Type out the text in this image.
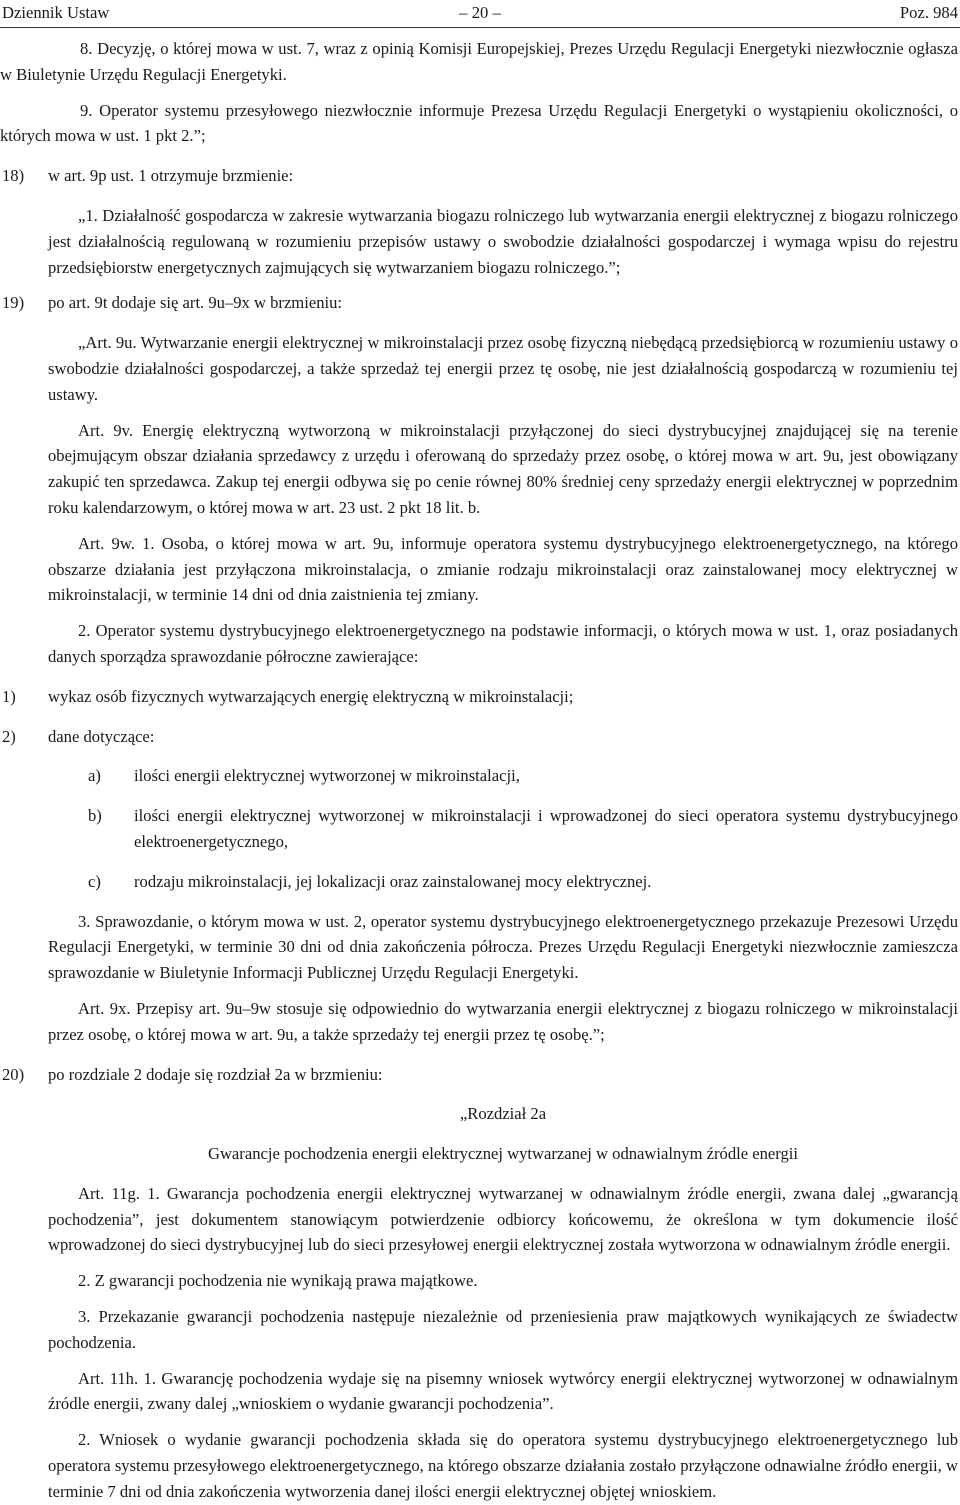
Dziennik Ustaw	– 20 –	Poz. 984

8. Decyzję, o której mowa w ust. 7, wraz z opinią Komisji Europejskiej, Prezes Urzędu Regulacji Energetyki niezwłocznie ogłasza w Biuletynie Urzędu Regulacji Energetyki.

9. Operator systemu przesyłowego niezwłocznie informuje Prezesa Urzędu Regulacji Energetyki o wystąpieniu okoliczności, o których mowa w ust. 1 pkt 2.”;

18) w art. 9p ust. 1 otrzymuje brzmienie:

„1. Działalność gospodarcza w zakresie wytwarzania biogazu rolniczego lub wytwarzania energii elektrycznej z biogazu rolniczego jest działalnością regulowaną w rozumieniu przepisów ustawy o swobodzie działalności gospodarczej i wymaga wpisu do rejestru przedsiębiorstw energetycznych zajmujących się wytwarzaniem biogazu rolniczego.”;

19) po art. 9t dodaje się art. 9u–9x w brzmieniu:

„Art. 9u. Wytwarzanie energii elektrycznej w mikroinstalacji przez osobę fizyczną niebędącą przedsiębiorcą w rozumieniu ustawy o swobodzie działalności gospodarczej, a także sprzedaż tej energii przez tę osobę, nie jest działalnością gospodarczą w rozumieniu tej ustawy.

Art. 9v. Energię elektryczną wytworzoną w mikroinstalacji przyłączonej do sieci dystrybucyjnej znajdującej się na terenie obejmującym obszar działania sprzedawcy z urzędu i oferowaną do sprzedaży przez osobę, o której mowa w art. 9u, jest obowiązany zakupić ten sprzedawca. Zakup tej energii odbywa się po cenie równej 80% średniej ceny sprzedaży energii elektrycznej w poprzednim roku kalendarzowym, o której mowa w art. 23 ust. 2 pkt 18 lit. b.

Art. 9w. 1. Osoba, o której mowa w art. 9u, informuje operatora systemu dystrybucyjnego elektroenergetycznego, na którego obszarze działania jest przyłączona mikroinstalacja, o zmianie rodzaju mikroinstalacji oraz zainstalowanej mocy elektrycznej w mikroinstalacji, w terminie 14 dni od dnia zaistnienia tej zmiany.

2. Operator systemu dystrybucyjnego elektroenergetycznego na podstawie informacji, o których mowa w ust. 1, oraz posiadanych danych sporządza sprawozdanie półroczne zawierające:

1) wykaz osób fizycznych wytwarzających energię elektryczną w mikroinstalacji;
2) dane dotyczące:
a) ilości energii elektrycznej wytworzonej w mikroinstalacji,
b) ilości energii elektrycznej wytworzonej w mikroinstalacji i wprowadzonej do sieci operatora systemu dystrybucyjnego elektroenergetycznego,
c) rodzaju mikroinstalacji, jej lokalizacji oraz zainstalowanej mocy elektrycznej.

3. Sprawozdanie, o którym mowa w ust. 2, operator systemu dystrybucyjnego elektroenergetycznego przekazuje Prezesowi Urzędu Regulacji Energetyki, w terminie 30 dni od dnia zakończenia półrocza. Prezes Urzędu Regulacji Energetyki niezwłocznie zamieszcza sprawozdanie w Biuletynie Informacji Publicznej Urzędu Regulacji Energetyki.

Art. 9x. Przepisy art. 9u–9w stosuje się odpowiednio do wytwarzania energii elektrycznej z biogazu rolniczego w mikroinstalacji przez osobę, o której mowa w art. 9u, a także sprzedaży tej energii przez tę osobę.”;

20) po rozdziale 2 dodaje się rozdział 2a w brzmieniu:

„Rozdział 2a

Gwarancje pochodzenia energii elektrycznej wytwarzanej w odnawialnym źródle energii

Art. 11g. 1. Gwarancja pochodzenia energii elektrycznej wytwarzanej w odnawialnym źródle energii, zwana dalej „gwarancją pochodzenia”, jest dokumentem stanowiącym potwierdzenie odbiorcy końcowemu, że określona w tym dokumencie ilość wprowadzonej do sieci dystrybucyjnej lub do sieci przesyłowej energii elektrycznej została wytworzona w odnawialnym źródle energii.

2. Z gwarancji pochodzenia nie wynikają prawa majątkowe.

3. Przekazanie gwarancji pochodzenia następuje niezależnie od przeniesienia praw majątkowych wynikających ze świadectw pochodzenia.

Art. 11h. 1. Gwarancję pochodzenia wydaje się na pisemny wniosek wytwórcy energii elektrycznej wytworzonej w odnawialnym źródle energii, zwany dalej „wnioskiem o wydanie gwarancji pochodzenia”.

2. Wniosek o wydanie gwarancji pochodzenia składa się do operatora systemu dystrybucyjnego elektroenergetycznego lub operatora systemu przesyłowego elektroenergetycznego, na którego obszarze działania zostało przyłączone odnawialne źródło energii, w terminie 7 dni od dnia zakończenia wytworzenia danej ilości energii elektrycznej objętej wnioskiem.
